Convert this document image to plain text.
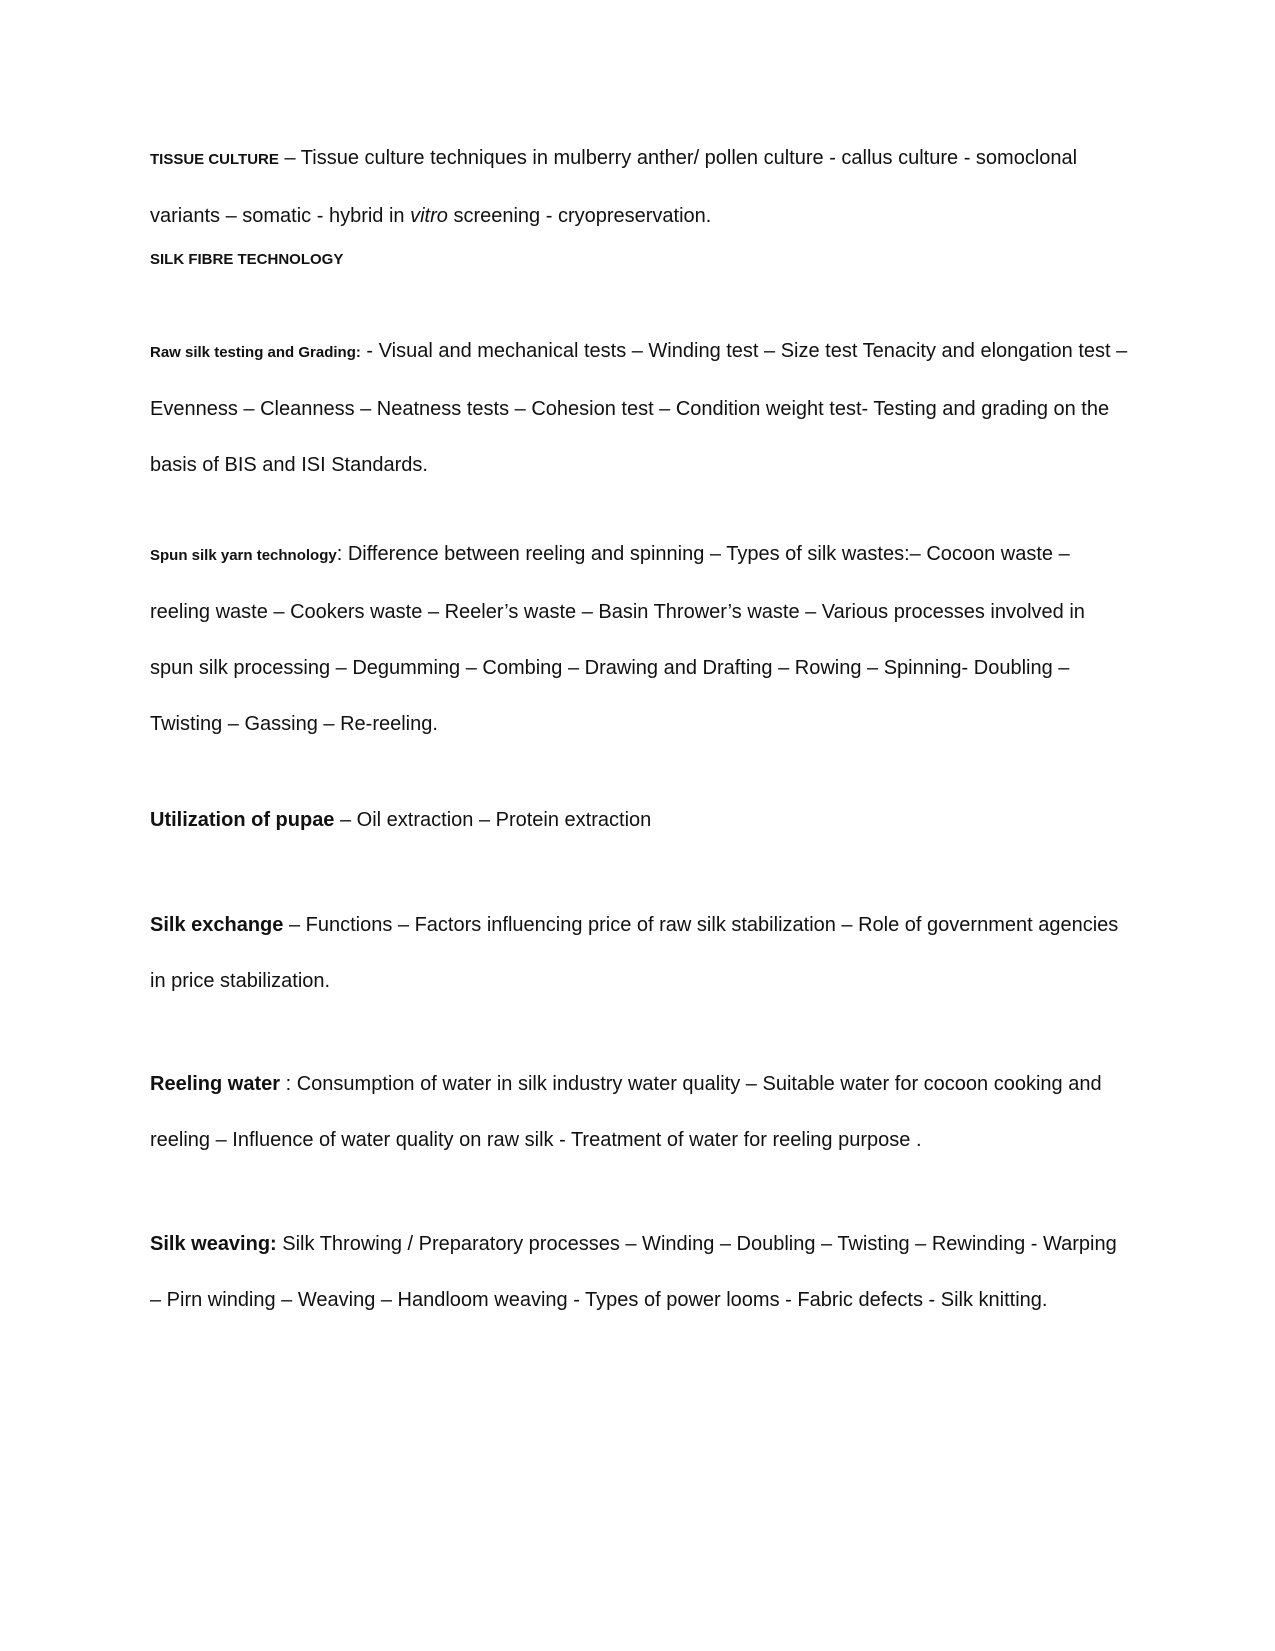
TISSUE CULTURE – Tissue culture techniques in mulberry anther/ pollen culture - callus culture - somoclonal variants – somatic - hybrid in vitro screening - cryopreservation.

SILK FIBRE TECHNOLOGY

Raw silk testing and Grading: - Visual and mechanical tests – Winding test – Size test Tenacity and elongation test – Evenness – Cleanness – Neatness tests – Cohesion test – Condition weight test- Testing and grading on the basis of BIS and ISI Standards.

Spun silk yarn technology: Difference between reeling and spinning – Types of silk wastes:– Cocoon waste – reeling waste – Cookers waste – Reeler’s waste – Basin Thrower’s waste – Various processes involved in spun silk processing – Degumming – Combing – Drawing and Drafting – Rowing – Spinning- Doubling – Twisting – Gassing – Re-reeling.

Utilization of pupae – Oil extraction – Protein extraction

Silk exchange – Functions – Factors influencing price of raw silk stabilization – Role of government agencies in price stabilization.

Reeling water : Consumption of water in silk industry water quality – Suitable water for cocoon cooking and reeling – Influence of water quality on raw silk - Treatment of water for reeling purpose .

Silk weaving: Silk Throwing / Preparatory processes – Winding – Doubling – Twisting – Rewinding - Warping – Pirn winding – Weaving – Handloom weaving - Types of power looms - Fabric defects - Silk knitting.
